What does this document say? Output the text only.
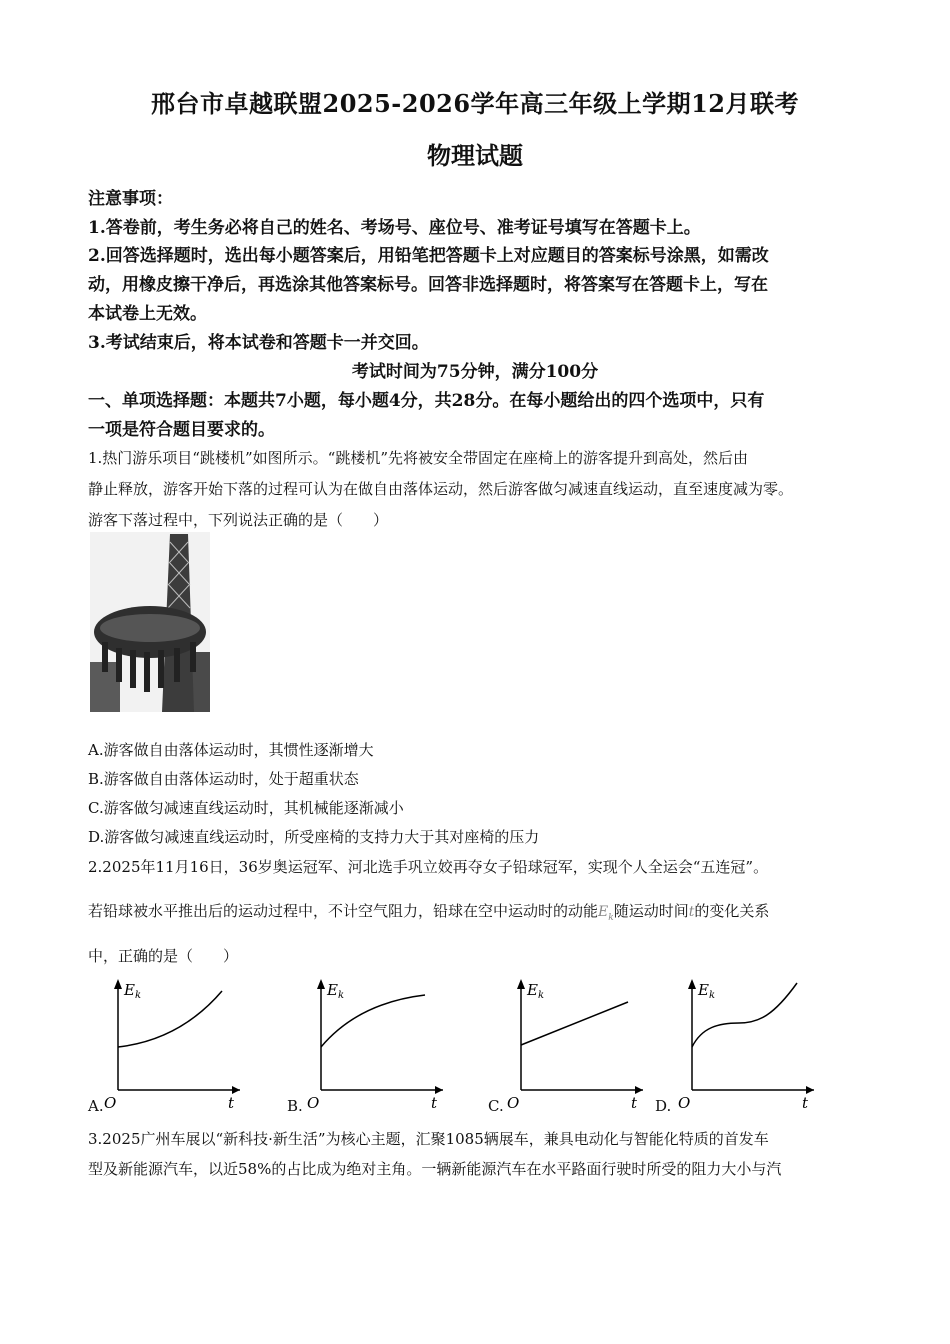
邢台市卓越联盟2025-2026学年高三年级上学期12月联考
物理试题
注意事项：
1.答卷前，考生务必将自己的姓名、考场号、座位号、准考证号填写在答题卡上。
2.回答选择题时，选出每小题答案后，用铅笔把答题卡上对应题目的答案标号涂黑，如需改
动，用橡皮擦干净后，再选涂其他答案标号。回答非选择题时，将答案写在答题卡上，写在
本试卷上无效。
3.考试结束后，将本试卷和答题卡一并交回。
考试时间为75分钟，满分100分
一、单项选择题：本题共7小题，每小题4分，共28分。在每小题给出的四个选项中，只有
一项是符合题目要求的。
1.热门游乐项目“跳楼机”如图所示。“跳楼机”先将被安全带固定在座椅上的游客提升到高处，然后由
静止释放，游客开始下落的过程可认为在做自由落体运动，然后游客做匀减速直线运动，直至速度减为零。
游客下落过程中，下列说法正确的是（　　）
A.游客做自由落体运动时，其惯性逐渐增大
B.游客做自由落体运动时，处于超重状态
C.游客做匀减速直线运动时，其机械能逐渐减小
D.游客做匀减速直线运动时，所受座椅的支持力大于其对座椅的压力
2.2025年11月16日，36岁奥运冠军、河北选手巩立姣再夺女子铅球冠军，实现个人全运会“五连冠”。
若铅球被水平推出后的运动过程中，不计空气阻力，铅球在空中运动时的动能$E_k$随运动时间t的变化关系
中，正确的是（　　）
A.
$E_k$
O	t	B.
$E_k$
O	t	C.
$E_k$
O	t D.
$E_k$
O	t
3.2025广州车展以“新科技·新生活”为核心主题，汇聚1085辆展车，兼具电动化与智能化特质的首发车
型及新能源汽车，以近58%的占比成为绝对主角。一辆新能源汽车在水平路面行驶时所受的阻力大小与汽
